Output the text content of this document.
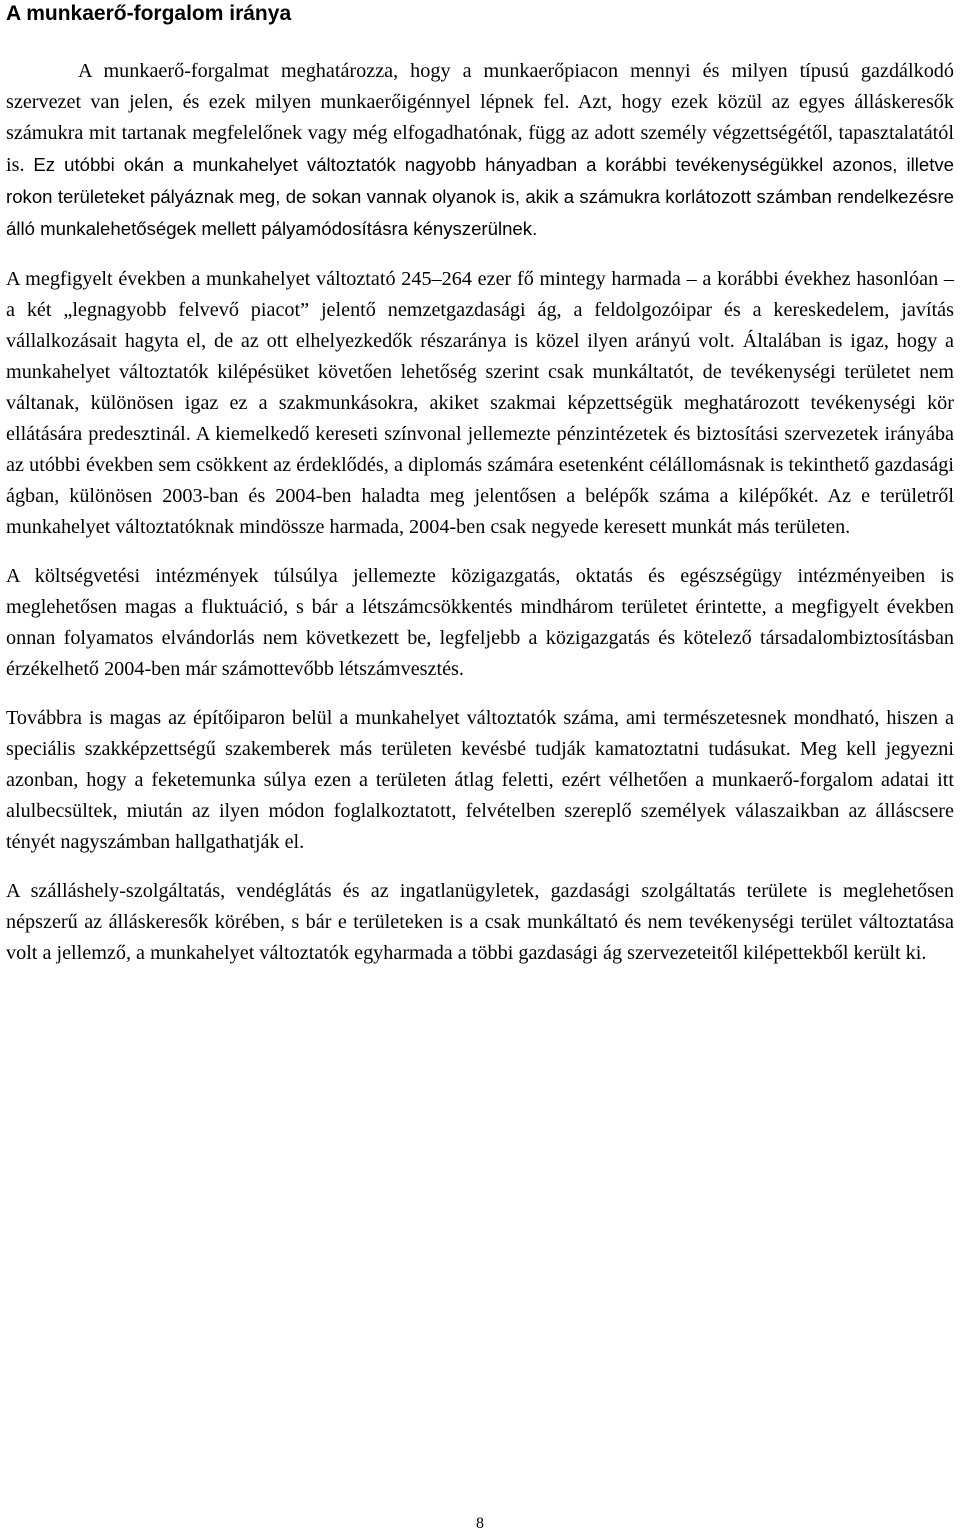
A munkaerő-forgalom iránya

A munkaerő-forgalmat meghatározza, hogy a munkaerőpiacon mennyi és milyen típusú gazdálkodó szervezet van jelen, és ezek milyen munkaerőigénnyel lépnek fel. Azt, hogy ezek közül az egyes álláskeresők számukra mit tartanak megfelelőnek vagy még elfogadhatónak, függ az adott személy végzettségétől, tapasztalatától is. Ez utóbbi okán a munkahelyet változtatók nagyobb hányadban a korábbi tevékenységükkel azonos, illetve rokon területeket pályáznak meg, de sokan vannak olyanok is, akik a számukra korlátozott számban rendelkezésre álló munkalehetőségek mellett pályamódosításra kényszerülnek.

A megfigyelt években a munkahelyet változtató 245–264 ezer fő mintegy harmada – a korábbi évekhez hasonlóan – a két „legnagyobb felvevő piacot” jelentő nemzetgazdasági ág, a feldolgozóipar és a kereskedelem, javítás vállalkozásait hagyta el, de az ott elhelyezkedők részaránya is közel ilyen arányú volt. Általában is igaz, hogy a munkahelyet változtatók kilépésüket követően lehetőség szerint csak munkáltatót, de tevékenységi területet nem váltanak, különösen igaz ez a szakmunkásokra, akiket szakmai képzettségük meghatározott tevékenységi kör ellátására predesztinál. A kiemelkedő kereseti színvonal jellemezte pénzintézetek és biztosítási szervezetek irányába az utóbbi években sem csökkent az érdeklődés, a diplomás számára esetenként célállomásnak is tekinthető gazdasági ágban, különösen 2003-ban és 2004-ben haladta meg jelentősen a belépők száma a kilépőkét. Az e területről munkahelyet változtatóknak mindössze harmada, 2004-ben csak negyede keresett munkát más területen.

A költségvetési intézmények túlsúlya jellemezte közigazgatás, oktatás és egészségügy intézményeiben is meglehetősen magas a fluktuáció, s bár a létszámcsökkentés mindhárom területet érintette, a megfigyelt években onnan folyamatos elvándorlás nem következett be, legfeljebb a közigazgatás és kötelező társadalombiztosításban érzékelhető 2004-ben már számottevőbb létszámvesztés.

Továbbra is magas az építőiparon belül a munkahelyet változtatók száma, ami természetesnek mondható, hiszen a speciális szakképzettségű szakemberek más területen kevésbé tudják kamatoztatni tudásukat. Meg kell jegyezni azonban, hogy a feketemunka súlya ezen a területen átlag feletti, ezért vélhetően a munkaerő-forgalom adatai itt alulbecsültek, miután az ilyen módon foglalkoztatott, felvételben szereplő személyek válaszaikban az álláscsere tényét nagyszámban hallgathatják el.

A szálláshely-szolgáltatás, vendéglátás és az ingatlanügyletek, gazdasági szolgáltatás területe is meglehetősen népszerű az álláskeresők körében, s bár e területeken is a csak munkáltató és nem tevékenységi terület változtatása volt a jellemző, a munkahelyet változtatók egyharmada a többi gazdasági ág szervezeteitől kilépettekből került ki.

8
